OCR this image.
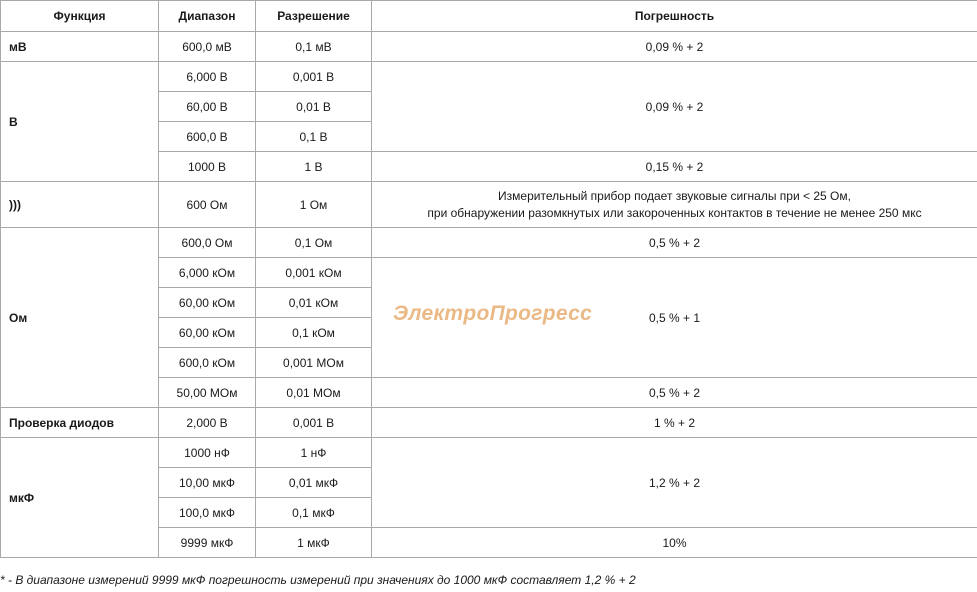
Функция	Диапазон	Разрешение	Погрешность
мВ	600,0 мВ	0,1 мВ	0,09 % + 2
В	6,000 В	0,001 В	0,09 % + 2
	60,00 В	0,01 В	
	600,0 В	0,1 В	
	1000 В	1 В	0,15 % + 2
)))	600 Ом	1 Ом	Измерительный прибор подает звуковые сигналы при < 25 Ом,
при обнаружении разомкнутых или закороченных контактов в течение не менее 250 мкс

Ом	600,0 Ом	0,1 Ом	0,5 % + 2
	6,000 кОм	0,001 кОм	0,5 % + 1
	60,00 кОм	0,01 кОм	
	60,00 кОм	0,1 кОм	
	600,0 кОм	0,001 МОм	
	50,00 МОм	0,01 МОм	0,5 % + 2
Проверка диодов	2,000 В	0,001 В	1 % + 2
мкФ	1000 нФ	1 нФ	1,2 % + 2
	10,00 мкФ	0,01 мкФ	
	100,0 мкФ	0,1 мкФ	
	9999 мкФ	1 мкФ	10%
ЭлектроПрогресс
* - В диапазоне измерений 9999 мкФ погрешность измерений при значениях до 1000 мкФ составляет 1,2 % + 2
